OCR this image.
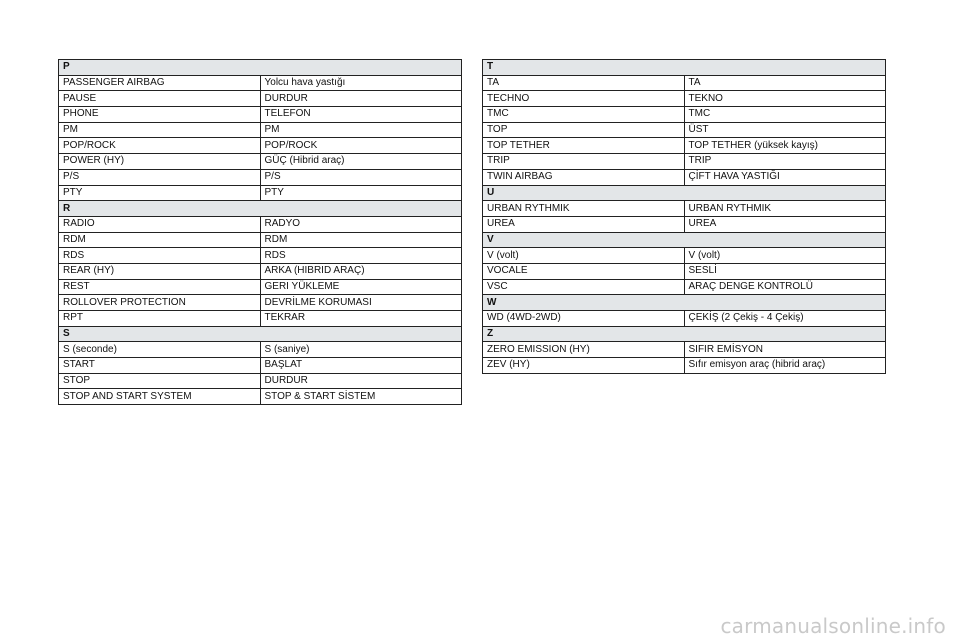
P	
PASSENGER AIRBAG	Yolcu hava yastığı
PAUSE	DURDUR
PHONE	TELEFON
PM	PM
POP/ROCK	POP/ROCK
POWER (HY)	GÜÇ (Hibrid araç)
P/S	P/S
PTY	PTY
R	
RADIO	RADYO
RDM	RDM
RDS	RDS
REAR (HY)	ARKA (HIBRID ARAÇ)
REST	GERI YÜKLEME
ROLLOVER PROTECTION	DEVRİLME KORUMASI
RPT	TEKRAR
S	
S (seconde)	S (saniye)
START	BAŞLAT
STOP	DURDUR
STOP AND START SYSTEM	STOP & START SİSTEM
T	
TA	TA
TECHNO	TEKNO
TMC	TMC
TOP	ÜST
TOP TETHER	TOP TETHER (yüksek kayış)
TRIP	TRIP
TWIN AIRBAG	ÇİFT HAVA YASTIĞI
U	
URBAN RYTHMIK	URBAN RYTHMIK
UREA	UREA
V	
V (volt)	V (volt)
VOCALE	SESLİ
VSC	ARAÇ DENGE KONTROLÜ
W	
WD (4WD-2WD)	ÇEKİŞ (2 Çekiş - 4 Çekiş)
Z	
ZERO EMISSION (HY)	SIFIR EMİSYON
ZEV (HY)	Sıfır emisyon araç (hibrid araç)
carmanualsonline.info
